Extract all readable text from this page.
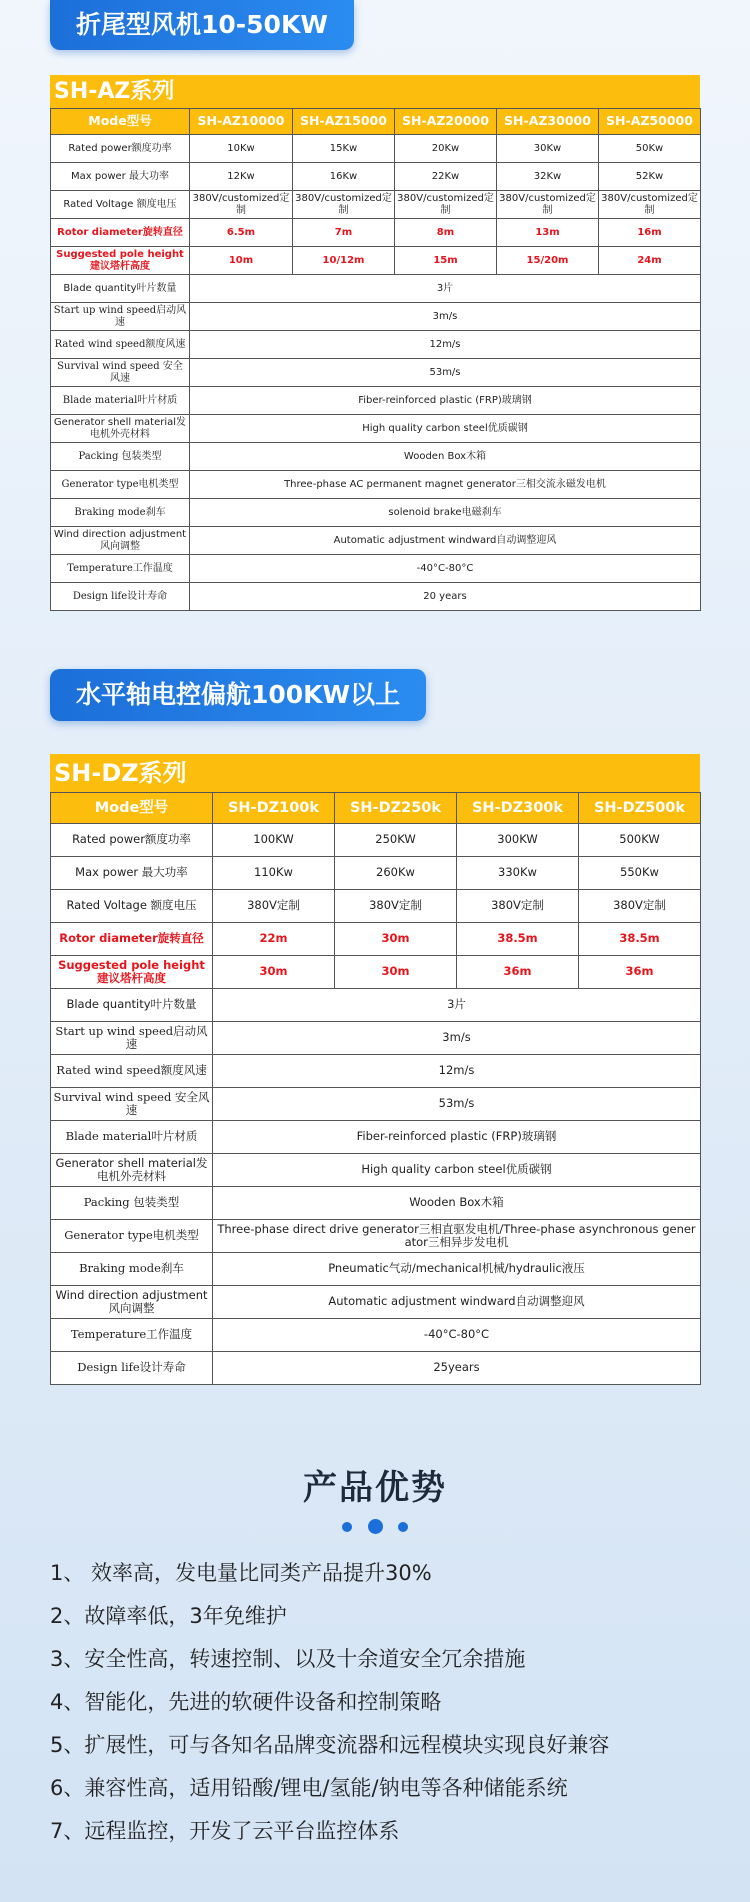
折尾型风机10-50KW
SH-AZ系列
Mode型号	SH-AZ10000	SH-AZ15000	SH-AZ20000	SH-AZ30000	SH-AZ50000
Rated power额度功率	10Kw	15Kw	20Kw	30Kw	50Kw
Max power 最大功率	12Kw	16Kw	22Kw	32Kw	52Kw
Rated Voltage 额度电压	380V/customized定制	380V/customized定制	380V/customized定制	380V/customized定制	380V/customized定制
Rotor diameter旋转直径	6.5m	7m	8m	13m	16m
Suggested pole height建议塔杆高度	10m	10/12m	15m	15/20m	24m
Blade quantity叶片数量	3片				
Start up wind speed启动风速	3m/s				
Rated wind speed额度风速	12m/s				
Survival wind speed 安全风速	53m/s				
Blade material叶片材质	Fiber-reinforced plastic (FRP)玻璃钢				
Generator shell material发电机外壳材料	High quality carbon steel优质碳钢				
Packing 包装类型	Wooden Box木箱				
Generator type电机类型	Three-phase AC permanent magnet generator三相交流永磁发电机				
Braking mode刹车	solenoid brake电磁刹车				
Wind direction adjustment风向调整	Automatic adjustment windward自动调整迎风				
Temperature工作温度	-40°C-80°C				
Design life设计寿命	20 years				
水平轴电控偏航100KW以上
SH-DZ系列
Mode型号	SH-DZ100k	SH-DZ250k	SH-DZ300k	SH-DZ500k
Rated power额度功率	100KW	250KW	300KW	500KW
Max power 最大功率	110Kw	260Kw	330Kw	550Kw
Rated Voltage 额度电压	380V定制	380V定制	380V定制	380V定制
Rotor diameter旋转直径	22m	30m	38.5m	38.5m
Suggested pole height建议塔杆高度	30m	30m	36m	36m
Blade quantity叶片数量	3片			
Start up wind speed启动风速	3m/s			
Rated wind speed额度风速	12m/s			
Survival wind speed 安全风速	53m/s			
Blade material叶片材质	Fiber-reinforced plastic (FRP)玻璃钢			
Generator shell material发电机外壳材料	High quality carbon steel优质碳钢			
Packing 包装类型	Wooden Box木箱			
Generator type电机类型	Three-phase direct drive generator三相直驱发电机/Three-phase asynchronous generator三相异步发电机			
Braking mode刹车	Pneumatic气动/mechanical机械/hydraulic液压			
Wind direction adjustment风向调整	Automatic adjustment windward自动调整迎风			
Temperature工作温度	-40°C-80°C			
Design life设计寿命	25years			
产品优势

1、 效率高，发电量比同类产品提升30%
2、故障率低，3年免维护
3、安全性高，转速控制、以及十余道安全冗余措施
4、智能化，先进的软硬件设备和控制策略
5、扩展性，可与各知名品牌变流器和远程模块实现良好兼容
6、兼容性高，适用铅酸/锂电/氢能/钠电等各种储能系统
7、远程监控，开发了云平台监控体系
